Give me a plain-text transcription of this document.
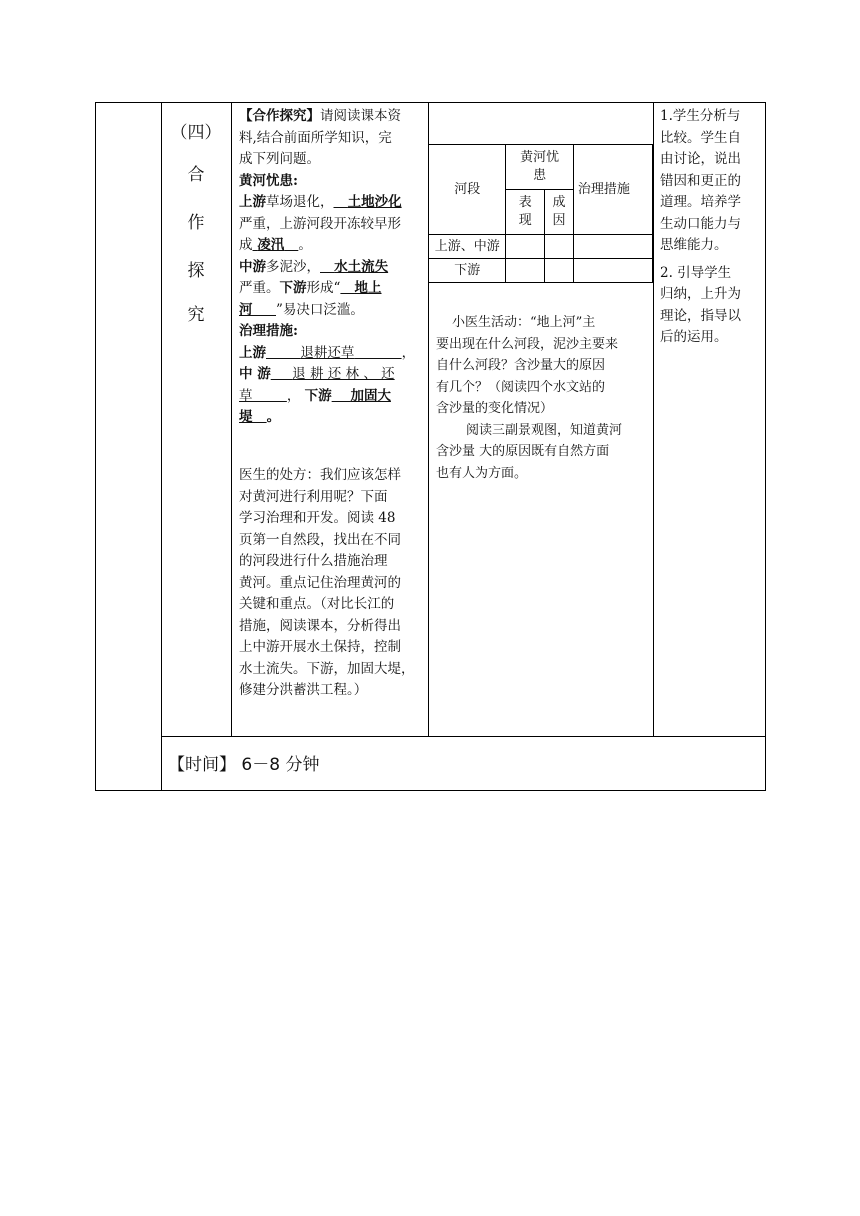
（四）
合
作
探
究

【合作探究】请阅读课本资

料,结合前面所学知识，完

成下列问题。

黄河忧患:

上游草场退化， 土地沙化

严重，上游河段开冻较早形

成 凌汛 。

中游多泥沙， 水土流失

严重。下游形成“ 地上

河 ”易决口泛滥。

治理措施:

上游	退耕还草	，

中 游 退 耕 还 林 、 还

草	， 下游 加固大

堤 。

医生的处方：我们应该怎样

对黄河进行利用呢？下面

学习治理和开发。阅读 48

页第一自然段，找出在不同

的河段进行什么措施治理

黄河。重点记住治理黄河的

关键和重点。（对比长江的

措施，阅读课本，分析得出

上中游开展水土保持，控制

水土流失。下游，加固大堤，

修建分洪蓄洪工程。）

河段	黄河忧患		治理措施

	表现	成因	

上游、中游			
下游			
小医生活动：“地上河”主
要出现在什么河段，泥沙主要来
自什么河段？含沙量大的原因
有几个？（阅读四个水文站的
含沙量的变化情况）
阅读三副景观图，知道黄河
含沙量 大的原因既有自然方面
也有人为方面。

1.学生分析与

比较。学生自

由讨论，说出

错因和更正的

道理。培养学

生动口能力与

思维能力。

2. 引导学生

归纳，上升为

理论，指导以

后的运用。

【时间】 6－8 分钟
